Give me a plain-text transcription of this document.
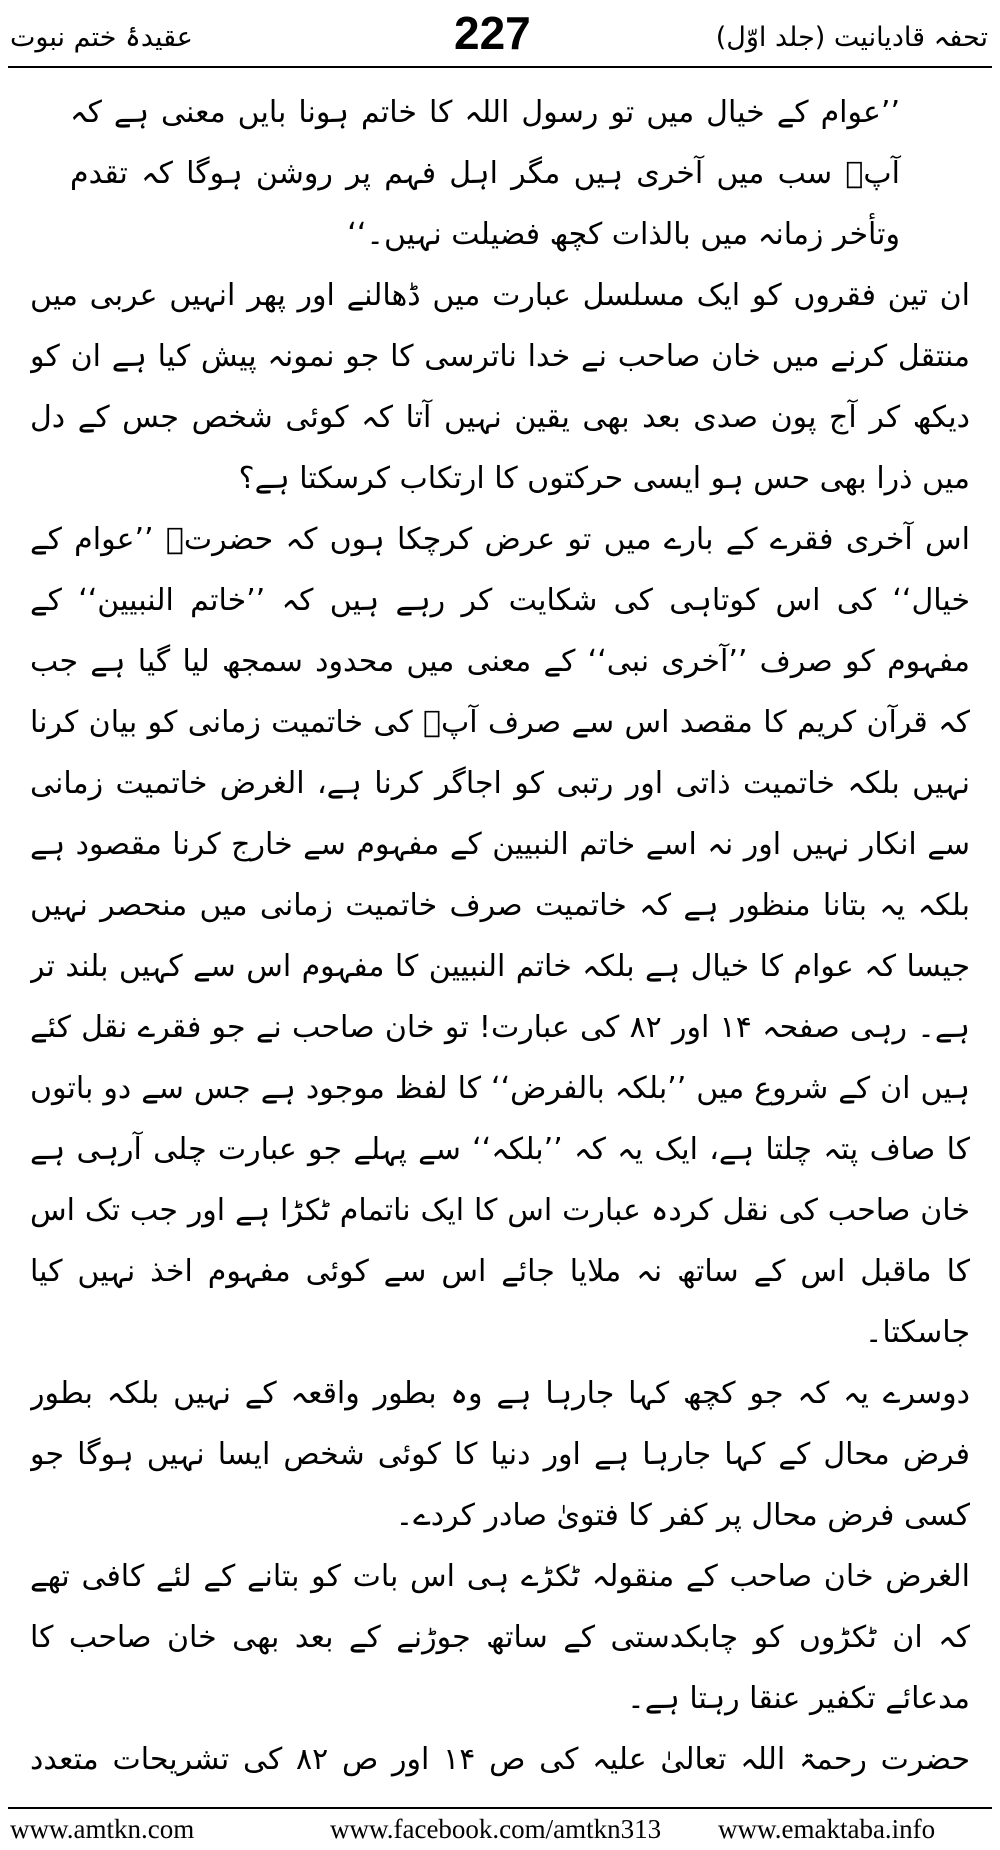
عقیدۂ ختم نبوت	227	تحفہ قادیانیت (جلد اوّل)

’’عوام کے خیال میں تو رسول اللہ کا خاتم ہونا بایں معنی ہے کہ آپؐ سب میں آخری ہیں مگر اہل فہم پر روشن ہوگا کہ تقدم وتأخر زمانہ میں بالذات کچھ فضیلت نہیں۔‘‘

ان تین فقروں کو ایک مسلسل عبارت میں ڈھالنے اور پھر انہیں عربی میں منتقل کرنے میں خان صاحب نے خدا ناترسی کا جو نمونہ پیش کیا ہے ان کو دیکھ کر آج پون صدی بعد بھی یقین نہیں آتا کہ کوئی شخص جس کے دل میں ذرا بھی حس ہو ایسی حرکتوں کا ارتکاب کرسکتا ہے؟

اس آخری فقرے کے بارے میں تو عرض کرچکا ہوں کہ حضرتؒ ’’عوام کے خیال‘‘ کی اس کوتاہی کی شکایت کر رہے ہیں کہ ’’خاتم النبیین‘‘ کے مفہوم کو صرف ’’آخری نبی‘‘ کے معنی میں محدود سمجھ لیا گیا ہے جب کہ قرآن کریم کا مقصد اس سے صرف آپؐ کی خاتمیت زمانی کو بیان کرنا نہیں بلکہ خاتمیت ذاتی اور رتبی کو اجاگر کرنا ہے، الغرض خاتمیت زمانی سے انکار نہیں اور نہ اسے خاتم النبیین کے مفہوم سے خارج کرنا مقصود ہے بلکہ یہ بتانا منظور ہے کہ خاتمیت صرف خاتمیت زمانی میں منحصر نہیں جیسا کہ عوام کا خیال ہے بلکہ خاتم النبیین کا مفہوم اس سے کہیں بلند تر ہے۔ رہی صفحہ ۱۴ اور ۸۲ کی عبارت! تو خان صاحب نے جو فقرے نقل کئے ہیں ان کے شروع میں ’’بلکہ بالفرض‘‘ کا لفظ موجود ہے جس سے دو باتوں کا صاف پتہ چلتا ہے، ایک یہ کہ ’’بلکہ‘‘ سے پہلے جو عبارت چلی آرہی ہے خان صاحب کی نقل کردہ عبارت اس کا ایک ناتمام ٹکڑا ہے اور جب تک اس کا ماقبل اس کے ساتھ نہ ملایا جائے اس سے کوئی مفہوم اخذ نہیں کیا جاسکتا۔

دوسرے یہ کہ جو کچھ کہا جارہا ہے وہ بطور واقعہ کے نہیں بلکہ بطور فرض محال کے کہا جارہا ہے اور دنیا کا کوئی شخص ایسا نہیں ہوگا جو کسی فرض محال پر کفر کا فتویٰ صادر کردے۔

الغرض خان صاحب کے منقولہ ٹکڑے ہی اس بات کو بتانے کے لئے کافی تھے کہ ان ٹکڑوں کو چابکدستی کے ساتھ جوڑنے کے بعد بھی خان صاحب کا مدعائے تکفیر عنقا رہتا ہے۔

حضرت رحمۃ اللہ تعالیٰ علیہ کی ص ۱۴ اور ص ۸۲ کی تشریحات متعدد

www.amtkn.com	www.facebook.com/amtkn313 www.emaktaba.info
